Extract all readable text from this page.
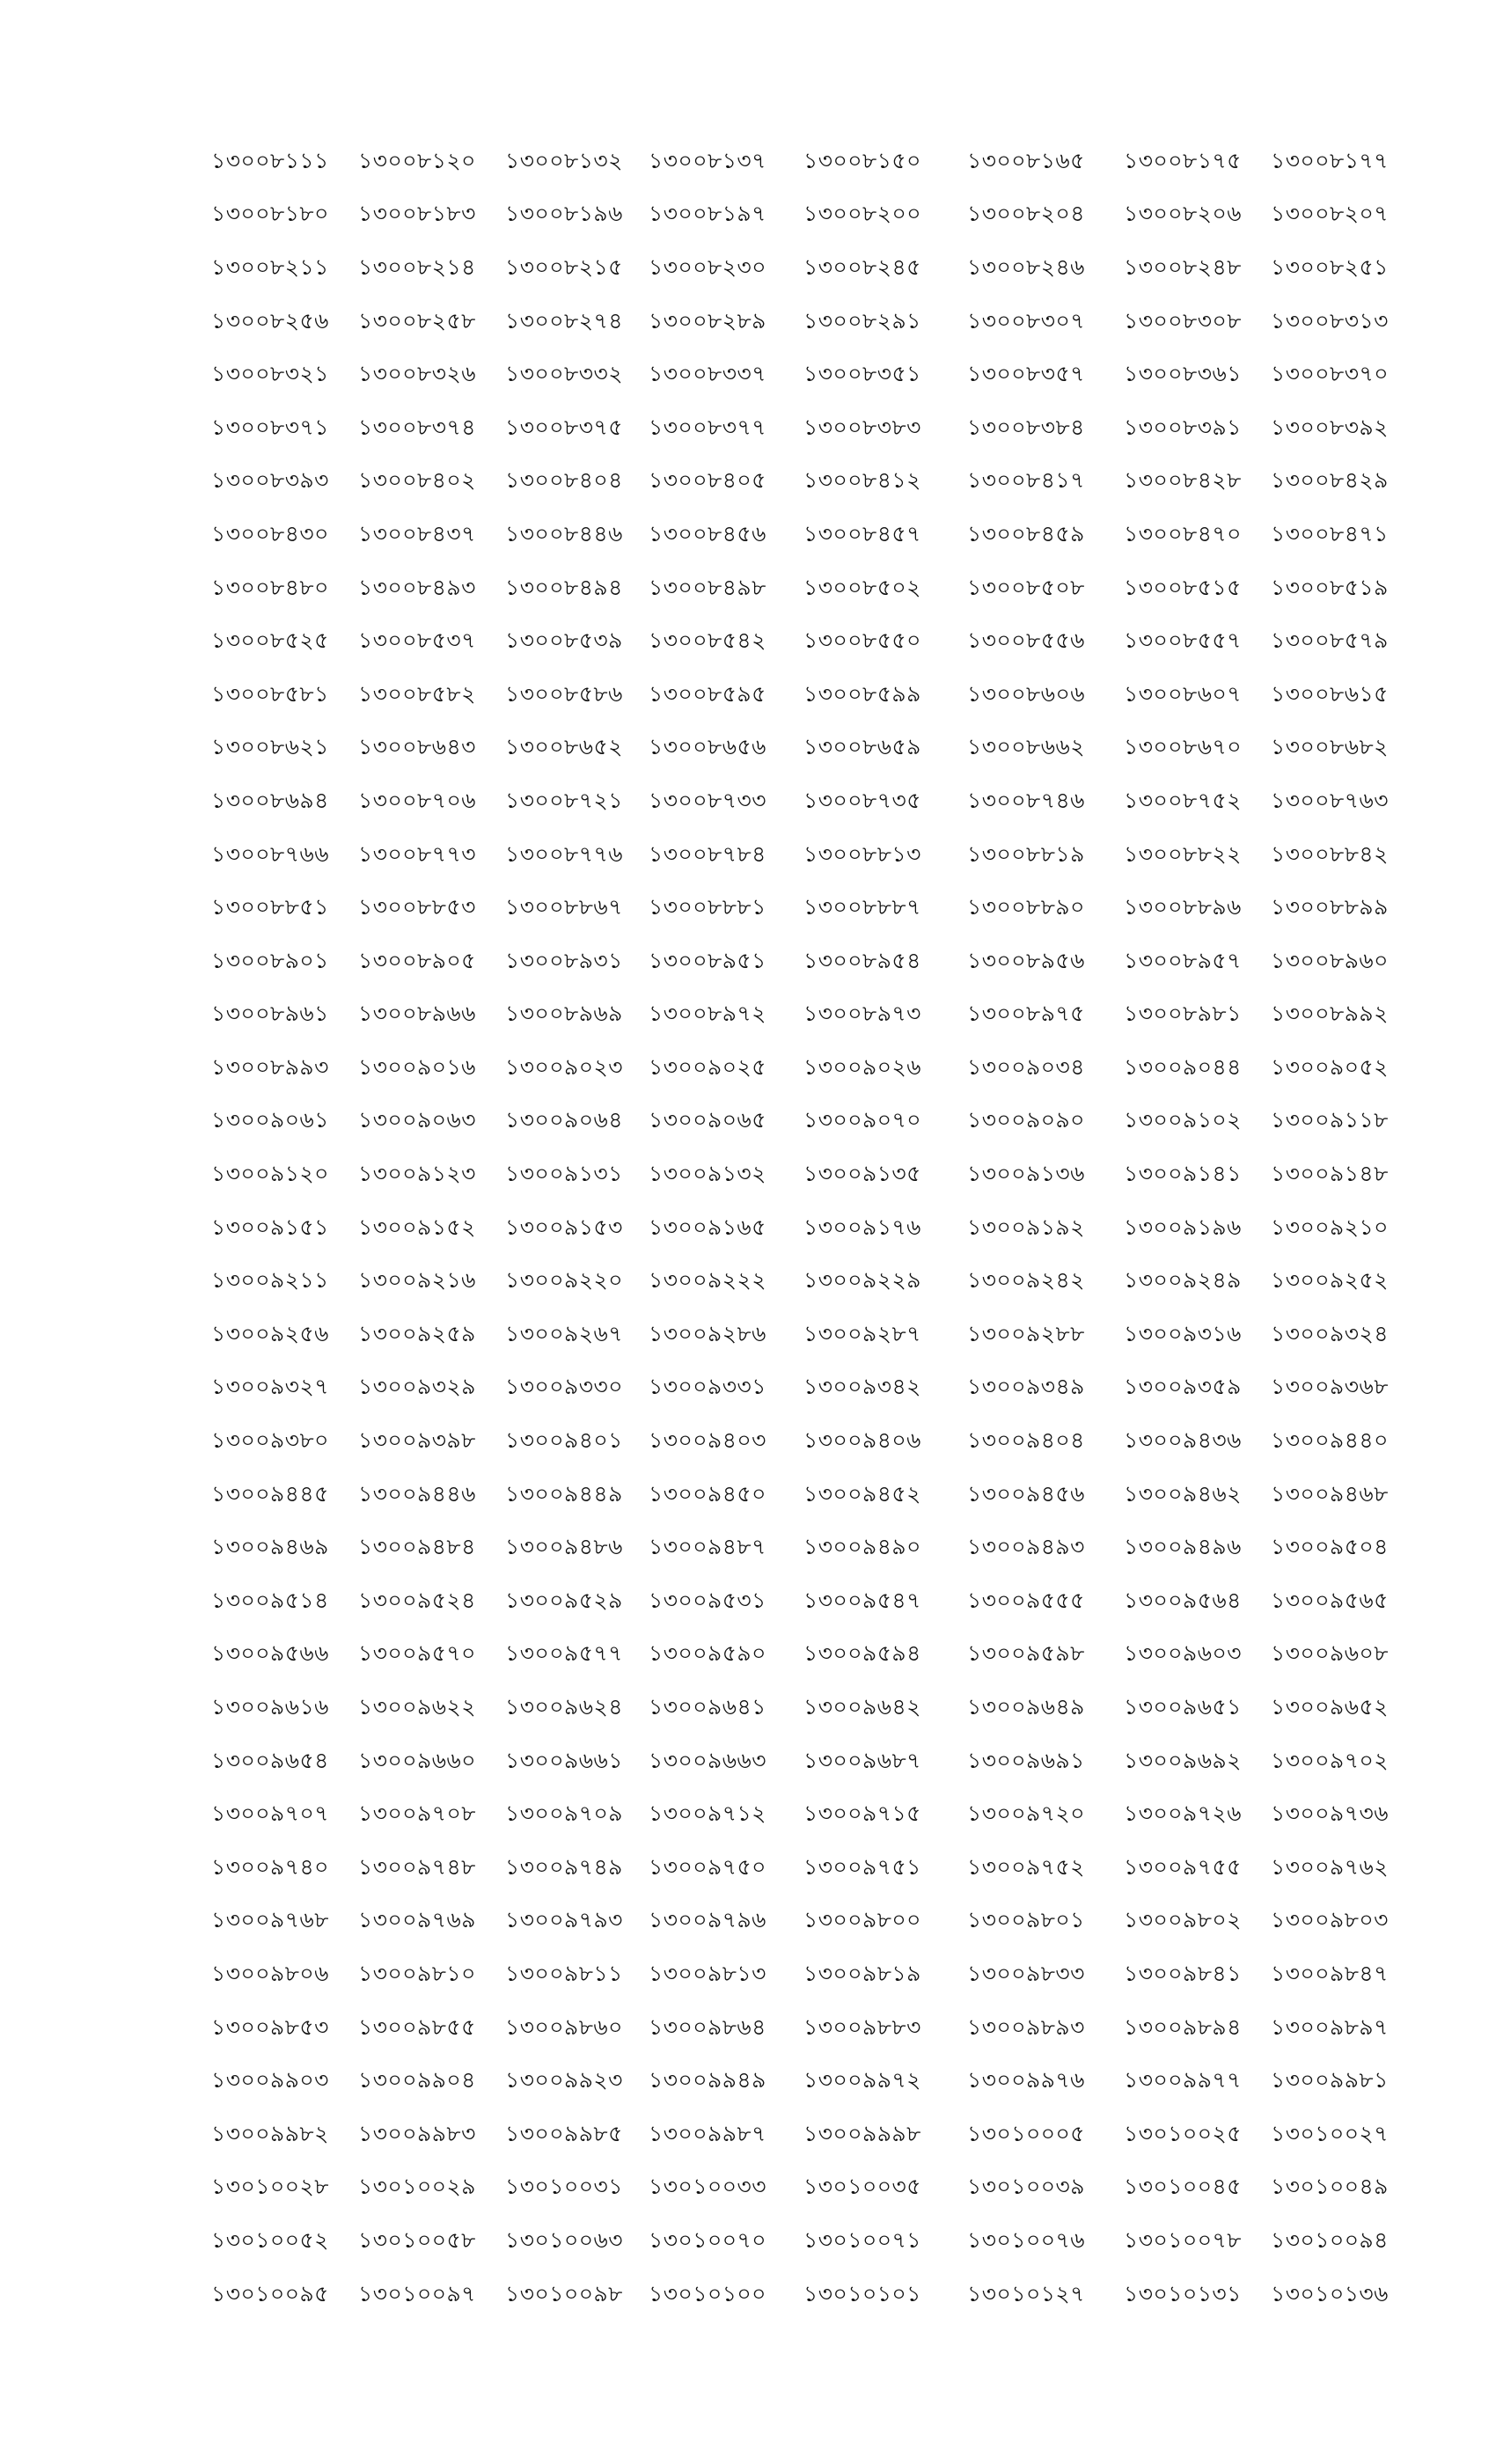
১৩০০৮১১১	১৩০০৮১২০	১৩০০৮১৩২	১৩০০৮১৩৭	১৩০০৮১৫০	১৩০০৮১৬৫	১৩০০৮১৭৫	১৩০০৮১৭৭
১৩০০৮১৮০	১৩০০৮১৮৩	১৩০০৮১৯৬	১৩০০৮১৯৭	১৩০০৮২০০	১৩০০৮২০৪	১৩০০৮২০৬	১৩০০৮২০৭
১৩০০৮২১১	১৩০০৮২১৪	১৩০০৮২১৫	১৩০০৮২৩০	১৩০০৮২৪৫	১৩০০৮২৪৬	১৩০০৮২৪৮	১৩০০৮২৫১
১৩০০৮২৫৬	১৩০০৮২৫৮	১৩০০৮২৭৪	১৩০০৮২৮৯	১৩০০৮২৯১	১৩০০৮৩০৭	১৩০০৮৩০৮	১৩০০৮৩১৩
১৩০০৮৩২১	১৩০০৮৩২৬	১৩০০৮৩৩২	১৩০০৮৩৩৭	১৩০০৮৩৫১	১৩০০৮৩৫৭	১৩০০৮৩৬১	১৩০০৮৩৭০
১৩০০৮৩৭১	১৩০০৮৩৭৪	১৩০০৮৩৭৫	১৩০০৮৩৭৭	১৩০০৮৩৮৩	১৩০০৮৩৮৪	১৩০০৮৩৯১	১৩০০৮৩৯২
১৩০০৮৩৯৩	১৩০০৮৪০২	১৩০০৮৪০৪	১৩০০৮৪০৫	১৩০০৮৪১২	১৩০০৮৪১৭	১৩০০৮৪২৮	১৩০০৮৪২৯
১৩০০৮৪৩০	১৩০০৮৪৩৭	১৩০০৮৪৪৬	১৩০০৮৪৫৬	১৩০০৮৪৫৭	১৩০০৮৪৫৯	১৩০০৮৪৭০	১৩০০৮৪৭১
১৩০০৮৪৮০	১৩০০৮৪৯৩	১৩০০৮৪৯৪	১৩০০৮৪৯৮	১৩০০৮৫০২	১৩০০৮৫০৮	১৩০০৮৫১৫	১৩০০৮৫১৯
১৩০০৮৫২৫	১৩০০৮৫৩৭	১৩০০৮৫৩৯	১৩০০৮৫৪২	১৩০০৮৫৫০	১৩০০৮৫৫৬	১৩০০৮৫৫৭	১৩০০৮৫৭৯
১৩০০৮৫৮১	১৩০০৮৫৮২	১৩০০৮৫৮৬	১৩০০৮৫৯৫	১৩০০৮৫৯৯	১৩০০৮৬০৬	১৩০০৮৬০৭	১৩০০৮৬১৫
১৩০০৮৬২১	১৩০০৮৬৪৩	১৩০০৮৬৫২	১৩০০৮৬৫৬	১৩০০৮৬৫৯	১৩০০৮৬৬২	১৩০০৮৬৭০	১৩০০৮৬৮২
১৩০০৮৬৯৪	১৩০০৮৭০৬	১৩০০৮৭২১	১৩০০৮৭৩৩	১৩০০৮৭৩৫	১৩০০৮৭৪৬	১৩০০৮৭৫২	১৩০০৮৭৬৩
১৩০০৮৭৬৬	১৩০০৮৭৭৩	১৩০০৮৭৭৬	১৩০০৮৭৮৪	১৩০০৮৮১৩	১৩০০৮৮১৯	১৩০০৮৮২২	১৩০০৮৮৪২
১৩০০৮৮৫১	১৩০০৮৮৫৩	১৩০০৮৮৬৭	১৩০০৮৮৮১	১৩০০৮৮৮৭	১৩০০৮৮৯০	১৩০০৮৮৯৬	১৩০০৮৮৯৯
১৩০০৮৯০১	১৩০০৮৯০৫	১৩০০৮৯৩১	১৩০০৮৯৫১	১৩০০৮৯৫৪	১৩০০৮৯৫৬	১৩০০৮৯৫৭	১৩০০৮৯৬০
১৩০০৮৯৬১	১৩০০৮৯৬৬	১৩০০৮৯৬৯	১৩০০৮৯৭২	১৩০০৮৯৭৩	১৩০০৮৯৭৫	১৩০০৮৯৮১	১৩০০৮৯৯২
১৩০০৮৯৯৩	১৩০০৯০১৬	১৩০০৯০২৩	১৩০০৯০২৫	১৩০০৯০২৬	১৩০০৯০৩৪	১৩০০৯০৪৪	১৩০০৯০৫২
১৩০০৯০৬১	১৩০০৯০৬৩	১৩০০৯০৬৪	১৩০০৯০৬৫	১৩০০৯০৭০	১৩০০৯০৯০	১৩০০৯১০২	১৩০০৯১১৮
১৩০০৯১২০	১৩০০৯১২৩	১৩০০৯১৩১	১৩০০৯১৩২	১৩০০৯১৩৫	১৩০০৯১৩৬	১৩০০৯১৪১	১৩০০৯১৪৮
১৩০০৯১৫১	১৩০০৯১৫২	১৩০০৯১৫৩	১৩০০৯১৬৫	১৩০০৯১৭৬	১৩০০৯১৯২	১৩০০৯১৯৬	১৩০০৯২১০
১৩০০৯২১১	১৩০০৯২১৬	১৩০০৯২২০	১৩০০৯২২২	১৩০০৯২২৯	১৩০০৯২৪২	১৩০০৯২৪৯	১৩০০৯২৫২
১৩০০৯২৫৬	১৩০০৯২৫৯	১৩০০৯২৬৭	১৩০০৯২৮৬	১৩০০৯২৮৭	১৩০০৯২৮৮	১৩০০৯৩১৬	১৩০০৯৩২৪
১৩০০৯৩২৭	১৩০০৯৩২৯	১৩০০৯৩৩০	১৩০০৯৩৩১	১৩০০৯৩৪২	১৩০০৯৩৪৯	১৩০০৯৩৫৯	১৩০০৯৩৬৮
১৩০০৯৩৮০	১৩০০৯৩৯৮	১৩০০৯৪০১	১৩০০৯৪০৩	১৩০০৯৪০৬	১৩০০৯৪০৪	১৩০০৯৪৩৬	১৩০০৯৪৪০
১৩০০৯৪৪৫	১৩০০৯৪৪৬	১৩০০৯৪৪৯	১৩০০৯৪৫০	১৩০০৯৪৫২	১৩০০৯৪৫৬	১৩০০৯৪৬২	১৩০০৯৪৬৮
১৩০০৯৪৬৯	১৩০০৯৪৮৪	১৩০০৯৪৮৬	১৩০০৯৪৮৭	১৩০০৯৪৯০	১৩০০৯৪৯৩	১৩০০৯৪৯৬	১৩০০৯৫০৪
১৩০০৯৫১৪	১৩০০৯৫২৪	১৩০০৯৫২৯	১৩০০৯৫৩১	১৩০০৯৫৪৭	১৩০০৯৫৫৫	১৩০০৯৫৬৪	১৩০০৯৫৬৫
১৩০০৯৫৬৬	১৩০০৯৫৭০	১৩০০৯৫৭৭	১৩০০৯৫৯০	১৩০০৯৫৯৪	১৩০০৯৫৯৮	১৩০০৯৬০৩	১৩০০৯৬০৮
১৩০০৯৬১৬	১৩০০৯৬২২	১৩০০৯৬২৪	১৩০০৯৬৪১	১৩০০৯৬৪২	১৩০০৯৬৪৯	১৩০০৯৬৫১	১৩০০৯৬৫২
১৩০০৯৬৫৪	১৩০০৯৬৬০	১৩০০৯৬৬১	১৩০০৯৬৬৩	১৩০০৯৬৮৭	১৩০০৯৬৯১	১৩০০৯৬৯২	১৩০০৯৭০২
১৩০০৯৭০৭	১৩০০৯৭০৮	১৩০০৯৭০৯	১৩০০৯৭১২	১৩০০৯৭১৫	১৩০০৯৭২০	১৩০০৯৭২৬	১৩০০৯৭৩৬
১৩০০৯৭৪০	১৩০০৯৭৪৮	১৩০০৯৭৪৯	১৩০০৯৭৫০	১৩০০৯৭৫১	১৩০০৯৭৫২	১৩০০৯৭৫৫	১৩০০৯৭৬২
১৩০০৯৭৬৮	১৩০০৯৭৬৯	১৩০০৯৭৯৩	১৩০০৯৭৯৬	১৩০০৯৮০০	১৩০০৯৮০১	১৩০০৯৮০২	১৩০০৯৮০৩
১৩০০৯৮০৬	১৩০০৯৮১০	১৩০০৯৮১১	১৩০০৯৮১৩	১৩০০৯৮১৯	১৩০০৯৮৩৩	১৩০০৯৮৪১	১৩০০৯৮৪৭
১৩০০৯৮৫৩	১৩০০৯৮৫৫	১৩০০৯৮৬০	১৩০০৯৮৬৪	১৩০০৯৮৮৩	১৩০০৯৮৯৩	১৩০০৯৮৯৪	১৩০০৯৮৯৭
১৩০০৯৯০৩	১৩০০৯৯০৪	১৩০০৯৯২৩	১৩০০৯৯৪৯	১৩০০৯৯৭২	১৩০০৯৯৭৬	১৩০০৯৯৭৭	১৩০০৯৯৮১
১৩০০৯৯৮২	১৩০০৯৯৮৩	১৩০০৯৯৮৫	১৩০০৯৯৮৭	১৩০০৯৯৯৮	১৩০১০০০৫	১৩০১০০২৫	১৩০১০০২৭
১৩০১০০২৮	১৩০১০০২৯	১৩০১০০৩১	১৩০১০০৩৩	১৩০১০০৩৫	১৩০১০০৩৯	১৩০১০০৪৫	১৩০১০০৪৯
১৩০১০০৫২	১৩০১০০৫৮	১৩০১০০৬৩	১৩০১০০৭০	১৩০১০০৭১	১৩০১০০৭৬	১৩০১০০৭৮	১৩০১০০৯৪
১৩০১০০৯৫	১৩০১০০৯৭	১৩০১০০৯৮	১৩০১০১০০	১৩০১০১০১	১৩০১০১২৭	১৩০১০১৩১	১৩০১০১৩৬
